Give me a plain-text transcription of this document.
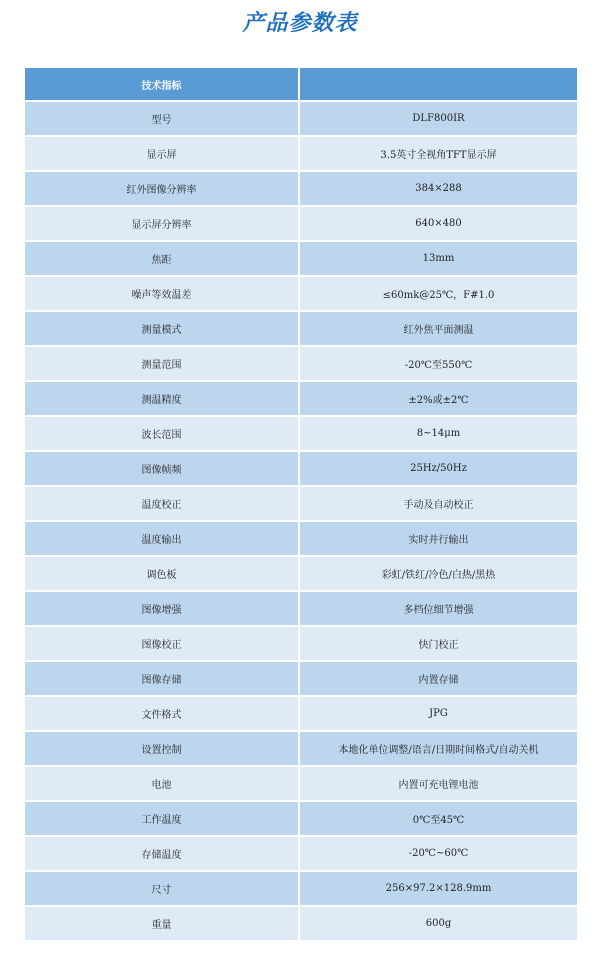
产品参数表
技术指标	
型号	DLF800IR
显示屏	3.5英寸全视角TFT显示屏
红外图像分辨率	384×288
显示屏分辨率	640×480
焦距	13mm
噪声等效温差	≤60mk@25℃，F#1.0
测量模式	红外焦平面测温
测量范围	-20℃至550℃
测温精度	±2%或±2℃
波长范围	8~14μm
图像帧频	25Hz/50Hz
温度校正	手动及自动校正
温度输出	实时并行输出
调色板	彩虹/铁红/冷色/白热/黑热
图像增强	多档位细节增强
图像校正	快门校正
图像存储	内置存储
文件格式	JPG
设置控制	本地化单位调整/语言/日期时间格式/自动关机
电池	内置可充电锂电池
工作温度	0℃至45℃
存储温度	-20℃~60℃
尺寸	256×97.2×128.9mm
重量	600g
